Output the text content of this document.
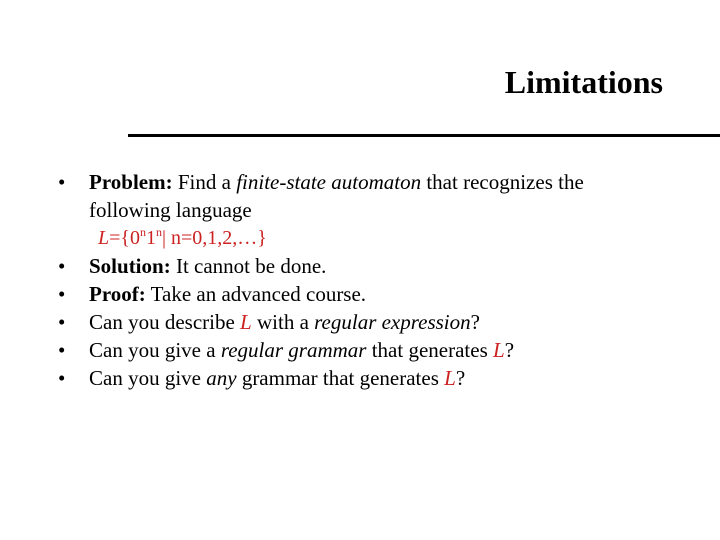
Limitations
•	Problem: Find a finite-state automaton that recognizes the
following language
$L=\{0^n1^n|$ n=0,1,2,…}
•	Solution: It cannot be done.
•	Proof: Take an advanced course.
•	Can you describe L with a regular expression?
•	Can you give a regular grammar that generates L?
•	Can you give any grammar that generates L?
